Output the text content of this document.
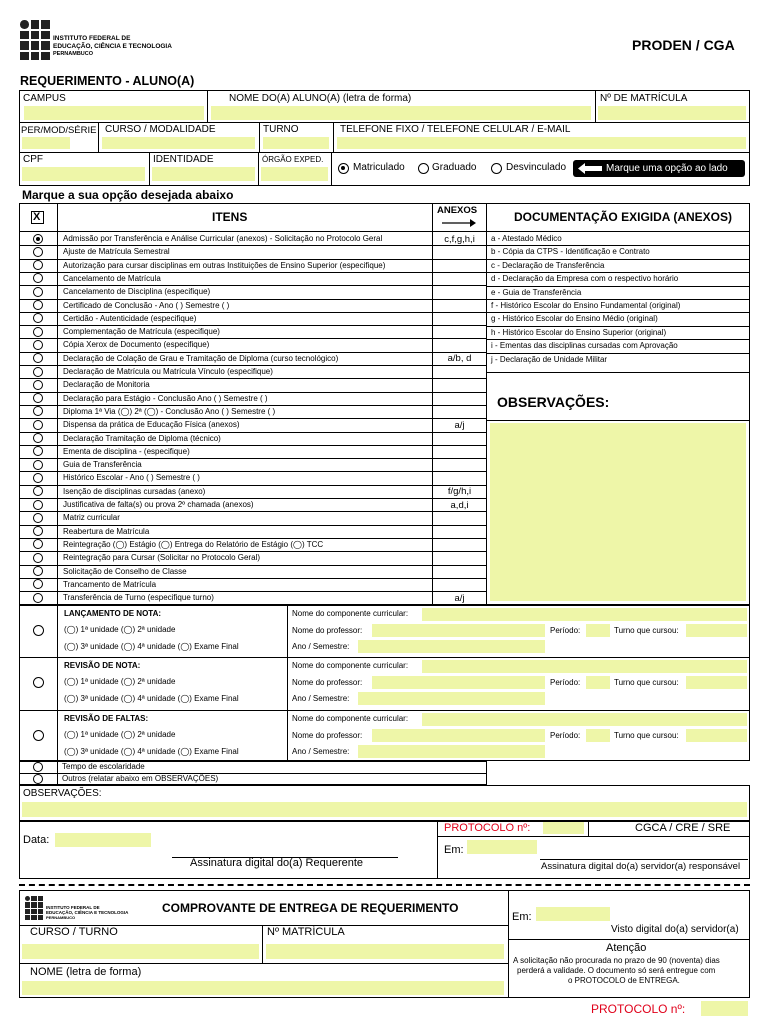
INSTITUTO FEDERAL DE
EDUCAÇÃO, CIÊNCIA E TECNOLOGIA
PERNAMBUCO
PRODEN / CGA
REQUERIMENTO - ALUNO(A)
CAMPUS	NOME DO(A) ALUNO(A) (letra de forma)	Nº DE MATRÍCULA
PER/MOD/SÉRIE CURSO / MODALIDADE	TURNO	TELEFONE FIXO / TELEFONE CELULAR / E-MAIL
CPF	IDENTIDADE	ÓRGÃO EXPED.
Matriculado	Graduado	Desvinculado	Marque uma opção ao lado
Marque a sua opção desejada abaixo
X	ITENS	ANEXOS	DOCUMENTAÇÃO EXIGIDA (ANEXOS)
Admissão por Transferência e Análise Curricular (anexos) - Solicitação no Protocolo Geral	c,f,g,h,i
Ajuste de Matrícula Semestral
Autorização para cursar disciplinas em outras Instituições de Ensino Superior (especifique)
Cancelamento de Matrícula
Cancelamento de Disciplina (especifique)
Certificado de Conclusão - Ano ( ) Semestre ( )
Certidão - Autenticidade (especifique)
Complementação de Matrícula (especifique)
Cópia Xerox de Documento (especifique)
Declaração de Colação de Grau e Tramitação de Diploma (curso tecnológico)	a/b, d
Declaração de Matrícula ou Matrícula Vínculo (especifique)
Declaração de Monitoria
Declaração para Estágio - Conclusão Ano ( ) Semestre ( )
Diploma 1ª Via (◯) 2ª (◯) - Conclusão Ano ( ) Semestre ( )
Dispensa da prática de Educação Física (anexos)	a/j
Declaração Tramitação de Diploma (técnico)
Ementa de disciplina - (especifique)
Guia de Transferência
Histórico Escolar - Ano ( ) Semestre ( )
Isenção de disciplinas cursadas (anexo)	f/g/h,i
Justificativa de falta(s) ou prova 2º chamada (anexos)	a,d,i
Matriz curricular
Reabertura de Matrícula
Reintegração (◯) Estágio (◯) Entrega do Relatório de Estágio (◯) TCC
Reintegração para Cursar (Solicitar no Protocolo Geral)
Solicitação de Conselho de Classe
Trancamento de Matrícula
Transferência de Turno (especifique turno)	a/j
a - Atestado Médico
b - Cópia da CTPS - Identificação e Contrato
c - Declaração de Transferência
d - Declaração da Empresa com o respectivo horário
e - Guia de Transferência
f - Histórico Escolar do Ensino Fundamental (original)
g - Histórico Escolar do Ensino Médio (original)
h - Histórico Escolar do Ensino Superior (original)
i - Ementas das disciplinas cursadas com Aprovação
j - Declaração de Unidade Militar
OBSERVAÇÕES:
LANÇAMENTO DE NOTA:
(◯) 1ª unidade (◯) 2ª unidade
(◯) 3ª unidade (◯) 4ª unidade (◯) Exame Final
Nome do componente curricular:
Nome do professor:
Ano / Semestre:
Período:	Turno que cursou:
REVISÃO DE NOTA:
(◯) 1ª unidade (◯) 2ª unidade
(◯) 3ª unidade (◯) 4ª unidade (◯) Exame Final
Nome do componente curricular:
Nome do professor:
Ano / Semestre:
Período:	Turno que cursou:
REVISÃO DE FALTAS:
(◯) 1ª unidade (◯) 2ª unidade
(◯) 3ª unidade (◯) 4ª unidade (◯) Exame Final
Nome do componente curricular:
Nome do professor:
Ano / Semestre:
Período:	Turno que cursou:
Tempo de escolaridade
Outros (relatar abaixo em OBSERVAÇÕES)
OBSERVAÇÕES:
Data:
Assinatura digital do(a) Requerente
PROTOCOLO nº:	CGCA / CRE / SRE
Em:
Assinatura digital do(a) servidor(a) responsável
INSTITUTO FEDERAL DE
EDUCAÇÃO, CIÊNCIA E TECNOLOGIA
PERNAMBUCO
COMPROVANTE DE ENTREGA DE REQUERIMENTO
CURSO / TURNO	Nº MATRÍCULA
NOME (letra de forma)
Em:
Visto digital do(a) servidor(a)
Atenção
A solicitação não procurada no prazo de 90 (noventa) dias
perderá a validade. O documento só será entregue com
o PROTOCOLO de ENTREGA.
PROTOCOLO nº:
